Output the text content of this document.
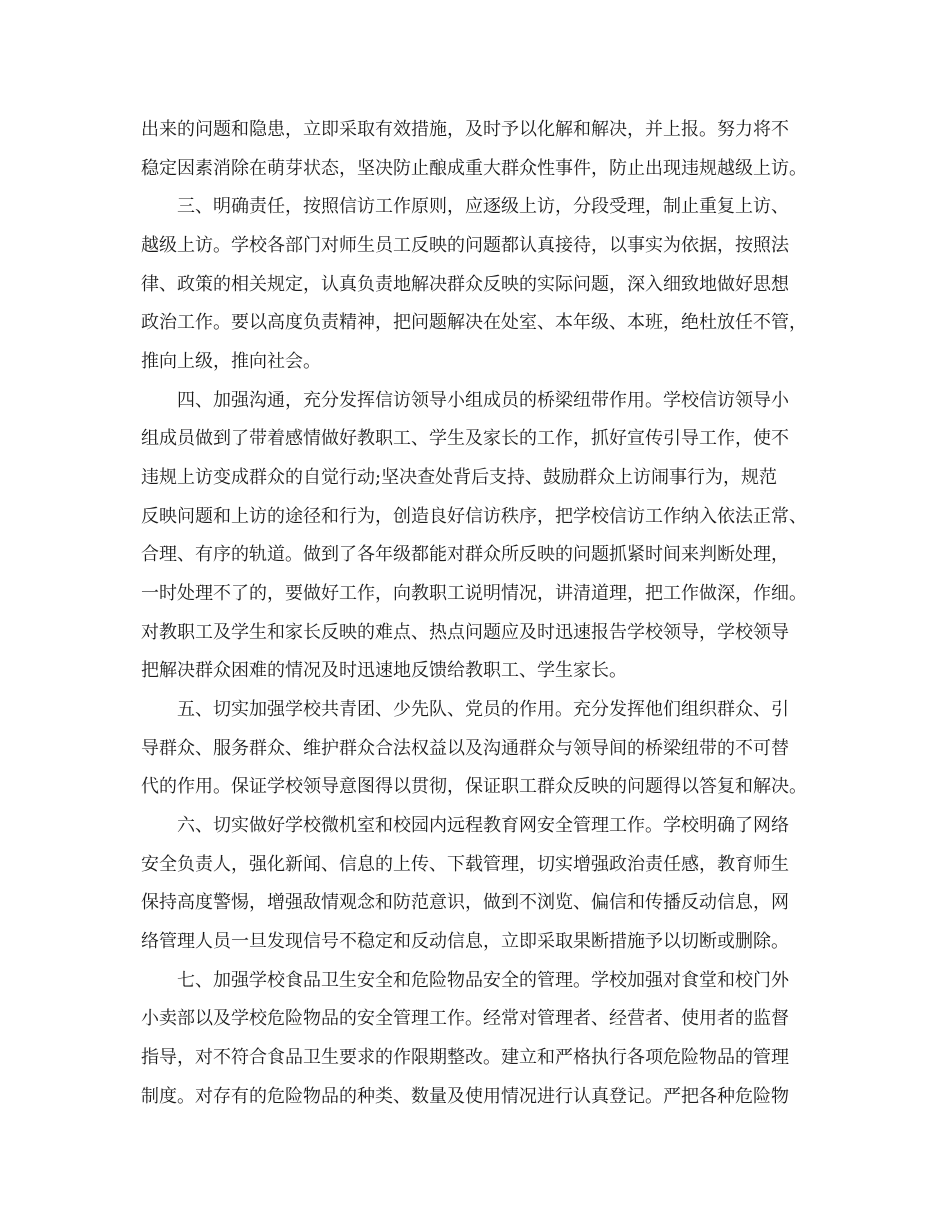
出来的问题和隐患，立即采取有效措施，及时予以化解和解决，并上报。努力将不
稳定因素消除在萌芽状态，坚决防止酿成重大群众性事件，防止出现违规越级上访。
三、明确责任，按照信访工作原则，应逐级上访，分段受理，制止重复上访、
越级上访。学校各部门对师生员工反映的问题都认真接待，以事实为依据，按照法
律、政策的相关规定，认真负责地解决群众反映的实际问题，深入细致地做好思想
政治工作。要以高度负责精神，把问题解决在处室、本年级、本班，绝杜放任不管，
推向上级，推向社会。
四、加强沟通，充分发挥信访领导小组成员的桥梁纽带作用。学校信访领导小
组成员做到了带着感情做好教职工、学生及家长的工作，抓好宣传引导工作，使不
违规上访变成群众的自觉行动;坚决查处背后支持、鼓励群众上访闹事行为，规范
反映问题和上访的途径和行为，创造良好信访秩序，把学校信访工作纳入依法正常、
合理、有序的轨道。做到了各年级都能对群众所反映的问题抓紧时间来判断处理，
一时处理不了的，要做好工作，向教职工说明情况，讲清道理，把工作做深，作细。
对教职工及学生和家长反映的难点、热点问题应及时迅速报告学校领导，学校领导
把解决群众困难的情况及时迅速地反馈给教职工、学生家长。
五、切实加强学校共青团、少先队、党员的作用。充分发挥他们组织群众、引
导群众、服务群众、维护群众合法权益以及沟通群众与领导间的桥梁纽带的不可替
代的作用。保证学校领导意图得以贯彻，保证职工群众反映的问题得以答复和解决。
六、切实做好学校微机室和校园内远程教育网安全管理工作。学校明确了网络
安全负责人，强化新闻、信息的上传、下载管理，切实增强政治责任感，教育师生
保持高度警惕，增强敌情观念和防范意识，做到不浏览、偏信和传播反动信息，网
络管理人员一旦发现信号不稳定和反动信息，立即采取果断措施予以切断或删除。
七、加强学校食品卫生安全和危险物品安全的管理。学校加强对食堂和校门外
小卖部以及学校危险物品的安全管理工作。经常对管理者、经营者、使用者的监督
指导，对不符合食品卫生要求的作限期整改。建立和严格执行各项危险物品的管理
制度。对存有的危险物品的种类、数量及使用情况进行认真登记。严把各种危险物
